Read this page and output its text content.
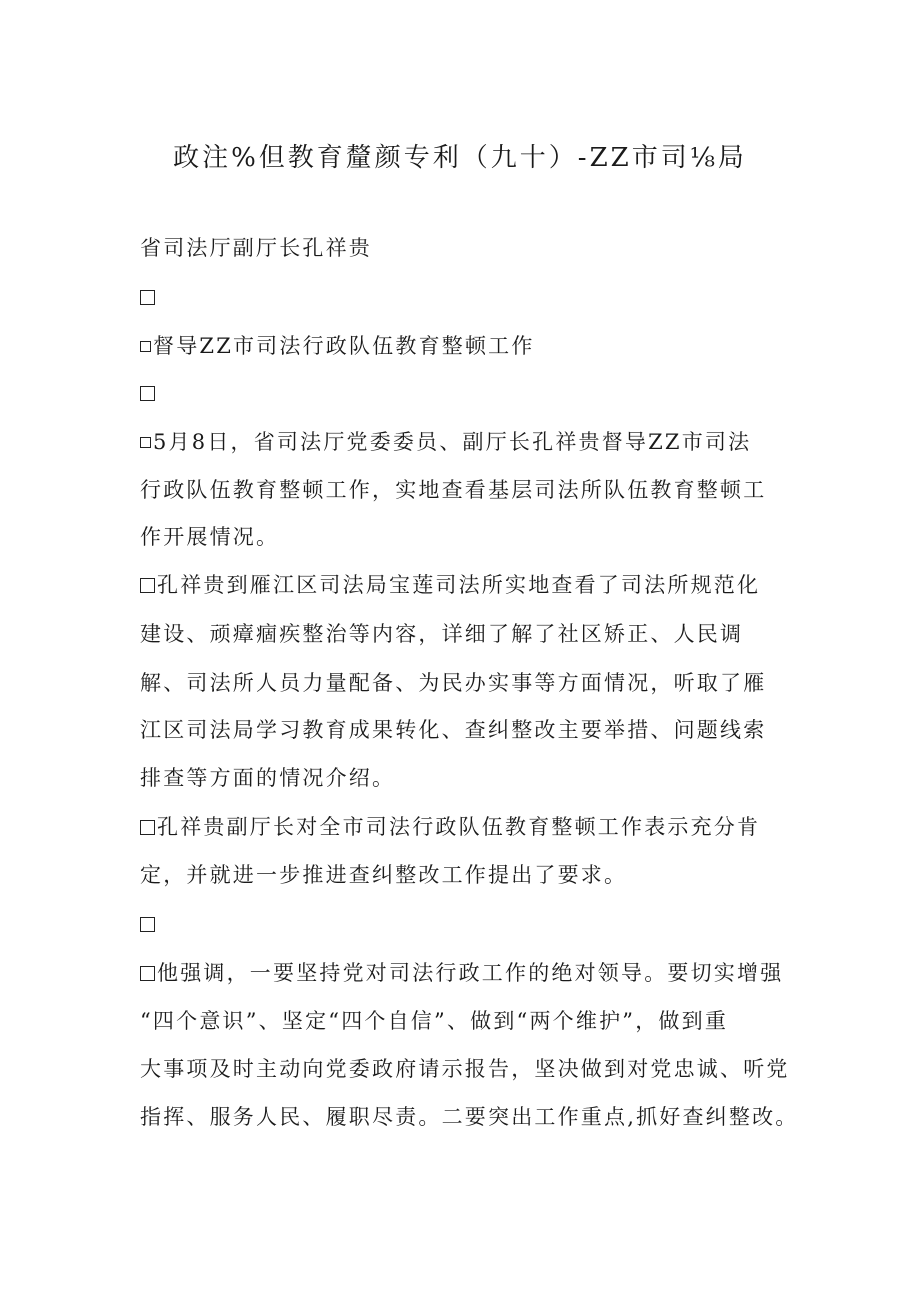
政注%但教育釐颜专利（九十）-ZZ市司⅛局

省司法厅副厅长孔祥贵

督导ZZ市司法行政队伍教育整顿工作

5月8日，省司法厅党委委员、副厅长孔祥贵督导ZZ市司法

行政队伍教育整顿工作，实地查看基层司法所队伍教育整顿工

作开展情况。

孔祥贵到雁江区司法局宝莲司法所实地查看了司法所规范化

建设、顽瘴痼疾整治等内容，详细了解了社区矫正、人民调

解、司法所人员力量配备、为民办实事等方面情况，听取了雁

江区司法局学习教育成果转化、查纠整改主要举措、问题线索

排查等方面的情况介绍。

孔祥贵副厅长对全市司法行政队伍教育整顿工作表示充分肯

定，并就进一步推进查纠整改工作提出了要求。

他强调，一要坚持党对司法行政工作的绝对领导。要切实增强

“四个意识”、坚定“四个自信”、做到“两个维护”，做到重

大事项及时主动向党委政府请示报告，坚决做到对党忠诚、听党

指挥、服务人民、履职尽责。二要突出工作重点,抓好查纠整改。
